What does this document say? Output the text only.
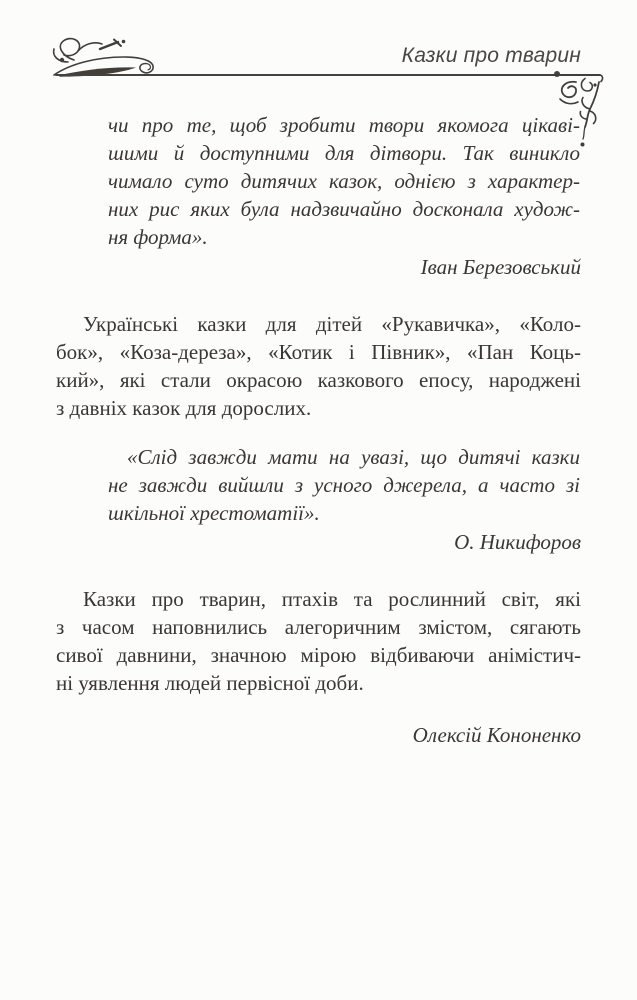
Казки про тварин
чи про те, щоб зробити твори якомога цікаві-
шими й доступними для дітвори. Так виникло
чимало суто дитячих казок, однією з характер-
них рис яких була надзвичайно досконала худож-
ня форма».
Іван Березовський
Українські казки для дітей «Рукавичка», «Коло-
бок», «Коза-дереза», «Котик і Півник», «Пан Коць-
кий», які стали окрасою казкового епосу, народжені
з давніх казок для дорослих.
«Слід завжди мати на увазі, що дитячі казки
не завжди вийшли з усного джерела, а часто зі
шкільної хрестоматії».
О. Никифоров
Казки про тварин, птахів та рослинний світ, які
з часом наповнились алегоричним змістом, сягають
сивої давнини, значною мірою відбиваючи анімістич-
ні уявлення людей первісної доби.
Олексій Кононенко
